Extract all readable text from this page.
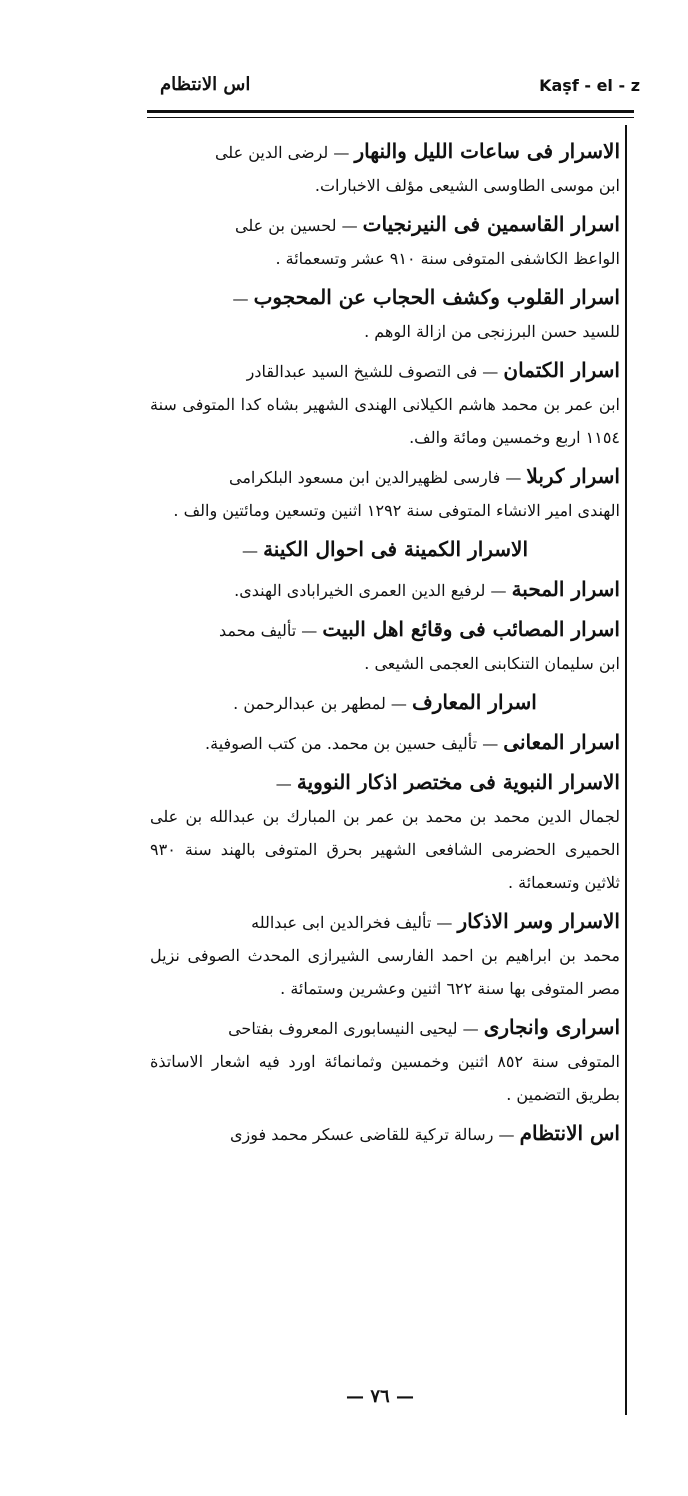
اس الانتظام	Kaṣf - el - z

الاسرار فى ساعات الليل والنهار — لرضى الدين على
ابن موسى الطاوسى الشيعى مؤلف الاخبارات.

اسرار القاسمين فى النيرنجيات — لحسين بن على
الواعظ الكاشفى المتوفى سنة ٩١٠ عشر وتسعمائة .

اسرار القلوب وكشف الحجاب عن المحجوب —
للسيد حسن البرزنجى من ازالة الوهم .

اسرار الكتمان — فى التصوف للشيخ السيد عبدالقادر
ابن عمر بن محمد هاشم الكيلانى الهندى الشهير بشاه كدا المتوفى سنة ١١٥٤ اربع وخمسين ومائة والف.

اسرار كربلا — فارسى لظهيرالدين ابن مسعود البلكرامى
الهندى امير الانشاء المتوفى سنة ١٢٩٢ اثنين وتسعين ومائتين والف .

الاسرار الكمينة فى احوال الكينة —

اسرار المحبة — لرفيع الدين العمرى الخيرابادى الهندى.

اسرار المصائب فى وقائع اهل البيت — تأليف محمد
ابن سليمان التنكابنى العجمى الشيعى .

اسرار المعارف — لمطهر بن عبدالرحمن .

اسرار المعانى — تأليف حسين بن محمد. من كتب الصوفية.

الاسرار النبوية فى مختصر اذكار النووية —
لجمال الدين محمد بن محمد بن عمر بن المبارك بن عبدالله بن على الحميرى الحضرمى الشافعى الشهير بحرق المتوفى بالهند سنة ٩٣٠ ثلاثين وتسعمائة .

الاسرار وسر الاذكار — تأليف فخرالدين ابى عبدالله
محمد بن ابراهيم بن احمد الفارسى الشيرازى المحدث الصوفى نزيل مصر المتوفى بها سنة ٦٢٢ اثنين وعشرين وستمائة .

اسرارى وانجارى — ليحيى النيسابورى المعروف بفتاحى
المتوفى سنة ٨٥٢ اثنين وخمسين وثمانمائة اورد فيه اشعار الاساتذة بطريق التضمين .

اس الانتظام — رسالة تركية للقاضى عسكر محمد فوزى

— ٧٦ —
